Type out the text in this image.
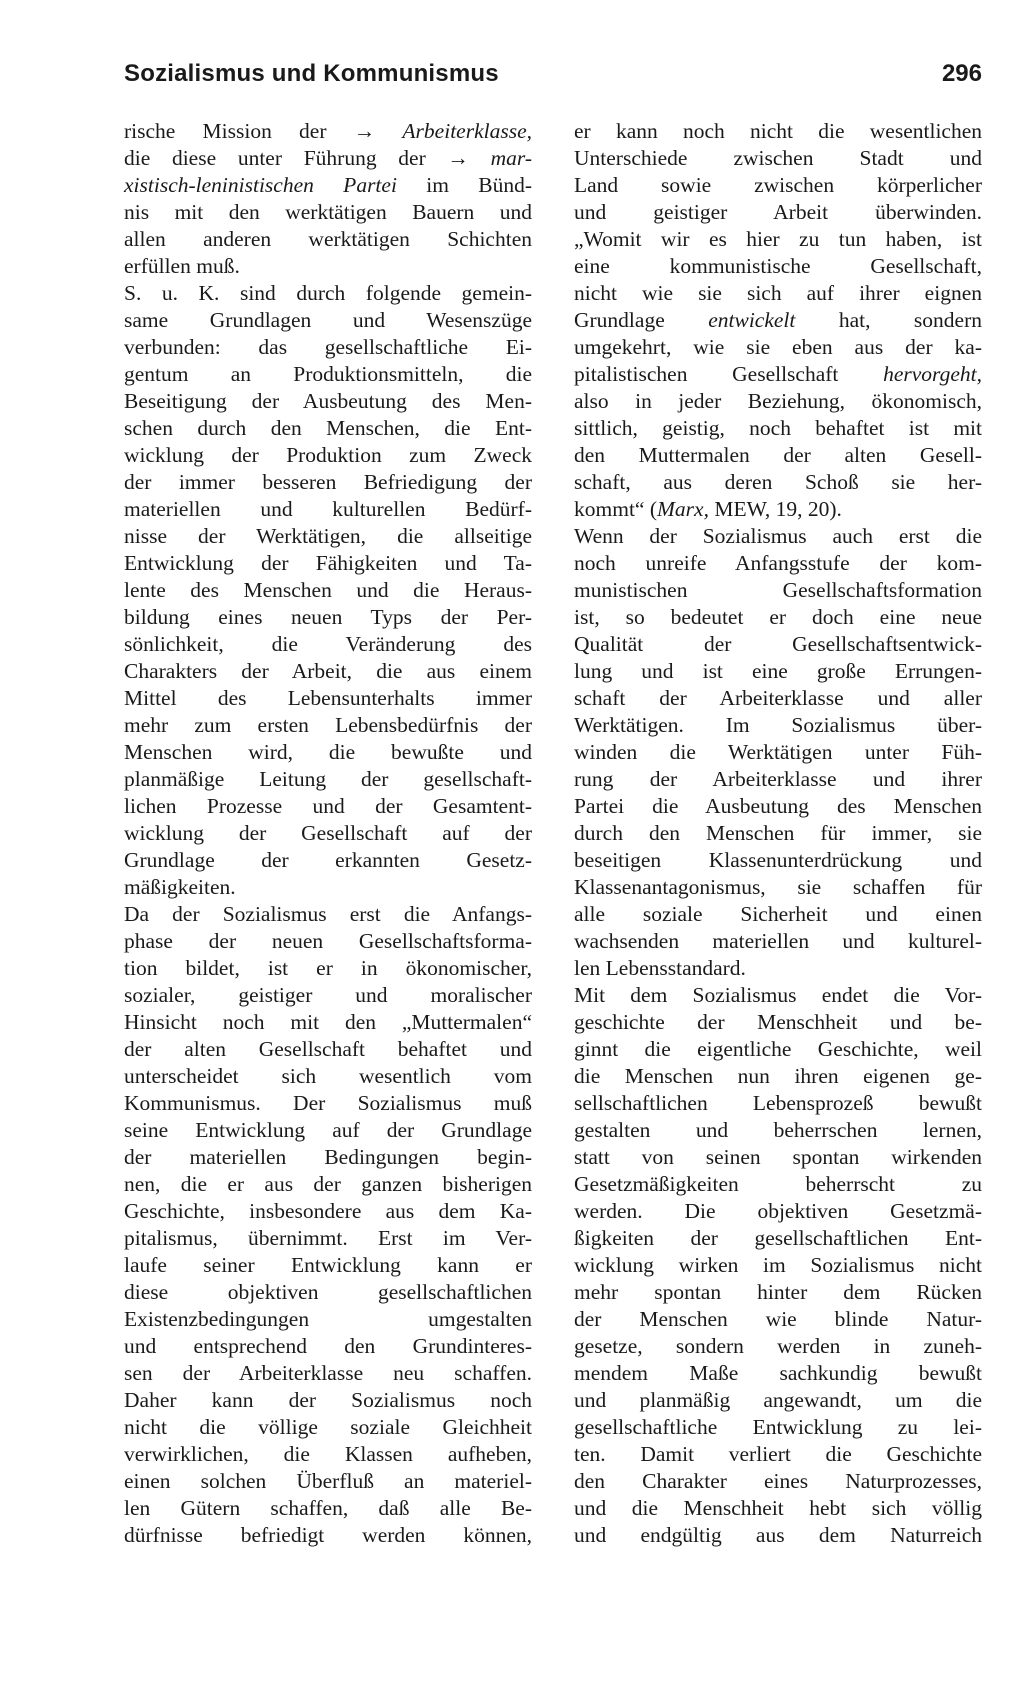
Sozialismus und Kommunismus	296
rische Mission der → Arbeiterklasse,
die diese unter Führung der → mar-
xistisch-leninistischen Partei im Bünd-
nis mit den werktätigen Bauern und
allen anderen werktätigen Schichten
erfüllen muß.
S. u. K. sind durch folgende gemein-
same Grundlagen und Wesenszüge
verbunden: das gesellschaftliche Ei-
gentum an Produktionsmitteln, die
Beseitigung der Ausbeutung des Men-
schen durch den Menschen, die Ent-
wicklung der Produktion zum Zweck
der immer besseren Befriedigung der
materiellen und kulturellen Bedürf-
nisse der Werktätigen, die allseitige
Entwicklung der Fähigkeiten und Ta-
lente des Menschen und die Heraus-
bildung eines neuen Typs der Per-
sönlichkeit, die Veränderung des
Charakters der Arbeit, die aus einem
Mittel des Lebensunterhalts immer
mehr zum ersten Lebensbedürfnis der
Menschen wird, die bewußte und
planmäßige Leitung der gesellschaft-
lichen Prozesse und der Gesamtent-
wicklung der Gesellschaft auf der
Grundlage der erkannten Gesetz-
mäßigkeiten.
Da der Sozialismus erst die Anfangs-
phase der neuen Gesellschaftsforma-
tion bildet, ist er in ökonomischer,
sozialer, geistiger und moralischer
Hinsicht noch mit den „Muttermalen“
der alten Gesellschaft behaftet und
unterscheidet sich wesentlich vom
Kommunismus. Der Sozialismus muß
seine Entwicklung auf der Grundlage
der materiellen Bedingungen begin-
nen, die er aus der ganzen bisherigen
Geschichte, insbesondere aus dem Ka-
pitalismus, übernimmt. Erst im Ver-
laufe seiner Entwicklung kann er
diese objektiven gesellschaftlichen
Existenzbedingungen umgestalten
und entsprechend den Grundinteres-
sen der Arbeiterklasse neu schaffen.
Daher kann der Sozialismus noch
nicht die völlige soziale Gleichheit
verwirklichen, die Klassen aufheben,
einen solchen Überfluß an materiel-
len Gütern schaffen, daß alle Be-
dürfnisse befriedigt werden können,
er kann noch nicht die wesentlichen
Unterschiede zwischen Stadt und
Land sowie zwischen körperlicher
und geistiger Arbeit überwinden.
„Womit wir es hier zu tun haben, ist
eine kommunistische Gesellschaft,
nicht wie sie sich auf ihrer eignen
Grundlage entwickelt hat, sondern
umgekehrt, wie sie eben aus der ka-
pitalistischen Gesellschaft hervorgeht,
also in jeder Beziehung, ökonomisch,
sittlich, geistig, noch behaftet ist mit
den Muttermalen der alten Gesell-
schaft, aus deren Schoß sie her-
kommt“ (Marx, MEW, 19, 20).
Wenn der Sozialismus auch erst die
noch unreife Anfangsstufe der kom-
munistischen Gesellschaftsformation
ist, so bedeutet er doch eine neue
Qualität der Gesellschaftsentwick-
lung und ist eine große Errungen-
schaft der Arbeiterklasse und aller
Werktätigen. Im Sozialismus über-
winden die Werktätigen unter Füh-
rung der Arbeiterklasse und ihrer
Partei die Ausbeutung des Menschen
durch den Menschen für immer, sie
beseitigen Klassenunterdrückung und
Klassenantagonismus, sie schaffen für
alle soziale Sicherheit und einen
wachsenden materiellen und kulturel-
len Lebensstandard.
Mit dem Sozialismus endet die Vor-
geschichte der Menschheit und be-
ginnt die eigentliche Geschichte, weil
die Menschen nun ihren eigenen ge-
sellschaftlichen Lebensprozeß bewußt
gestalten und beherrschen lernen,
statt von seinen spontan wirkenden
Gesetzmäßigkeiten beherrscht zu
werden. Die objektiven Gesetzmä-
ßigkeiten der gesellschaftlichen Ent-
wicklung wirken im Sozialismus nicht
mehr spontan hinter dem Rücken
der Menschen wie blinde Natur-
gesetze, sondern werden in zuneh-
mendem Maße sachkundig bewußt
und planmäßig angewandt, um die
gesellschaftliche Entwicklung zu lei-
ten. Damit verliert die Geschichte
den Charakter eines Naturprozesses,
und die Menschheit hebt sich völlig
und endgültig aus dem Naturreich
